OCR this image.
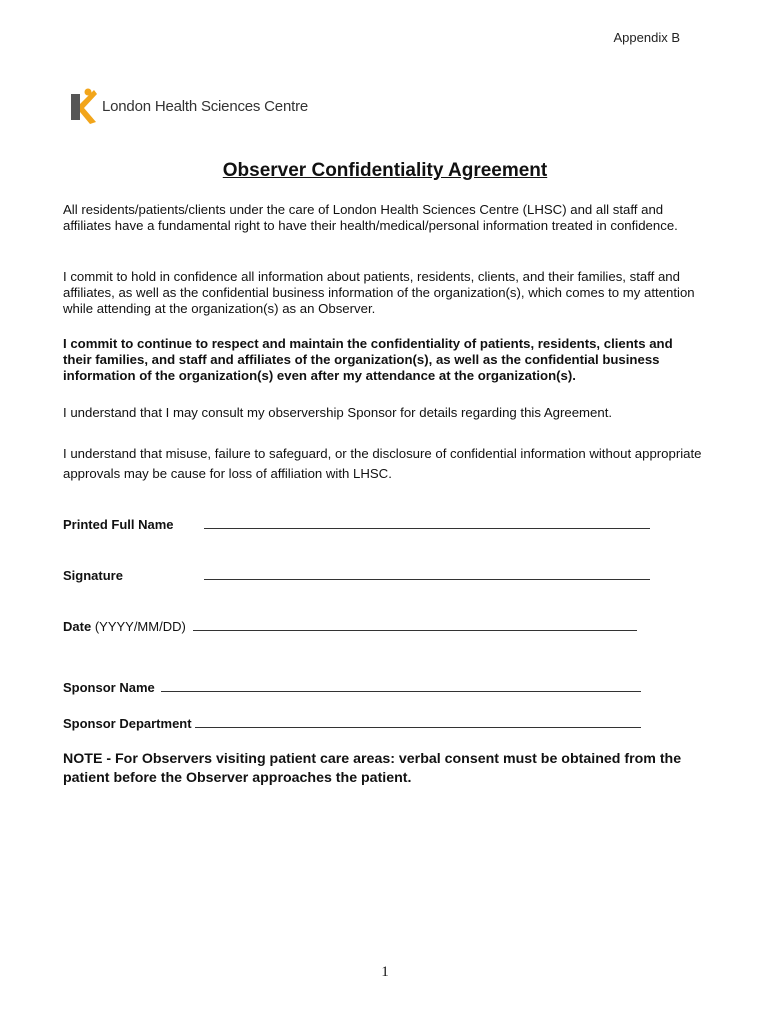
Appendix B
London Health Sciences Centre
Observer Confidentiality Agreement
All residents/patients/clients under the care of London Health Sciences Centre (LHSC) and all staff and affiliates have a fundamental right to have their health/medical/personal information treated in confidence.
I commit to hold in confidence all information about patients, residents, clients, and their families, staff and affiliates, as well as the confidential business information of the organization(s), which comes to my attention while attending at the organization(s) as an Observer.
I commit to continue to respect and maintain the confidentiality of patients, residents, clients and their families, and staff and affiliates of the organization(s), as well as the confidential business information of the organization(s) even after my attendance at the organization(s).
I understand that I may consult my observership Sponsor for details regarding this Agreement.
I understand that misuse, failure to safeguard, or the disclosure of confidential information without appropriate approvals may be cause for loss of affiliation with LHSC.
Printed Full Name
Signature
Date (YYYY/MM/DD)
Sponsor Name
Sponsor Department
NOTE - For Observers visiting patient care areas: verbal consent must be obtained from the patient before the Observer approaches the patient.
1
